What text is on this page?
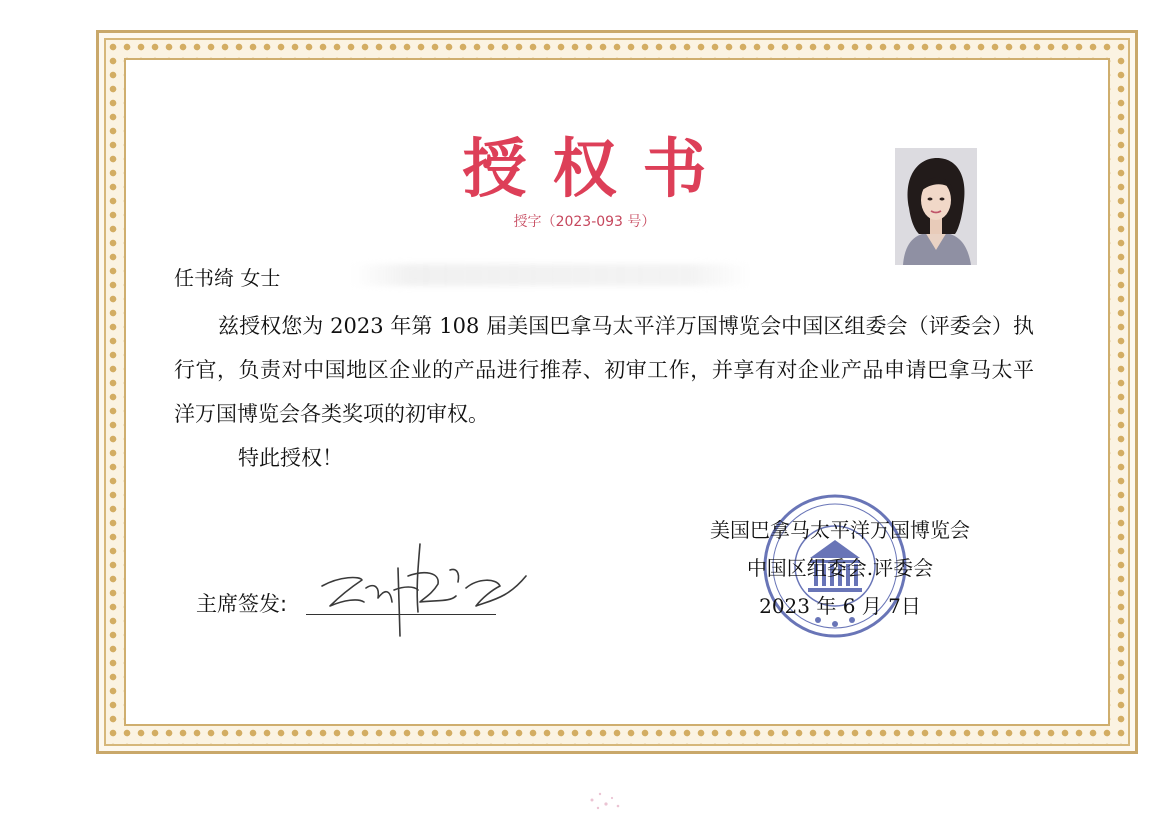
授权书
授字（2023-093 号）
任书绮 女士
兹授权您为 2023 年第 108 届美国巴拿马太平洋万国博览会中国区组委会（评委会）执行官，负责对中国地区企业的产品进行推荐、初审工作，并享有对企业产品申请巴拿马太平洋万国博览会各类奖项的初审权。
特此授权！
主席签发:
美国巴拿马太平洋万国博览会
中国区组委会.评委会
2023 年 6 月 7日
